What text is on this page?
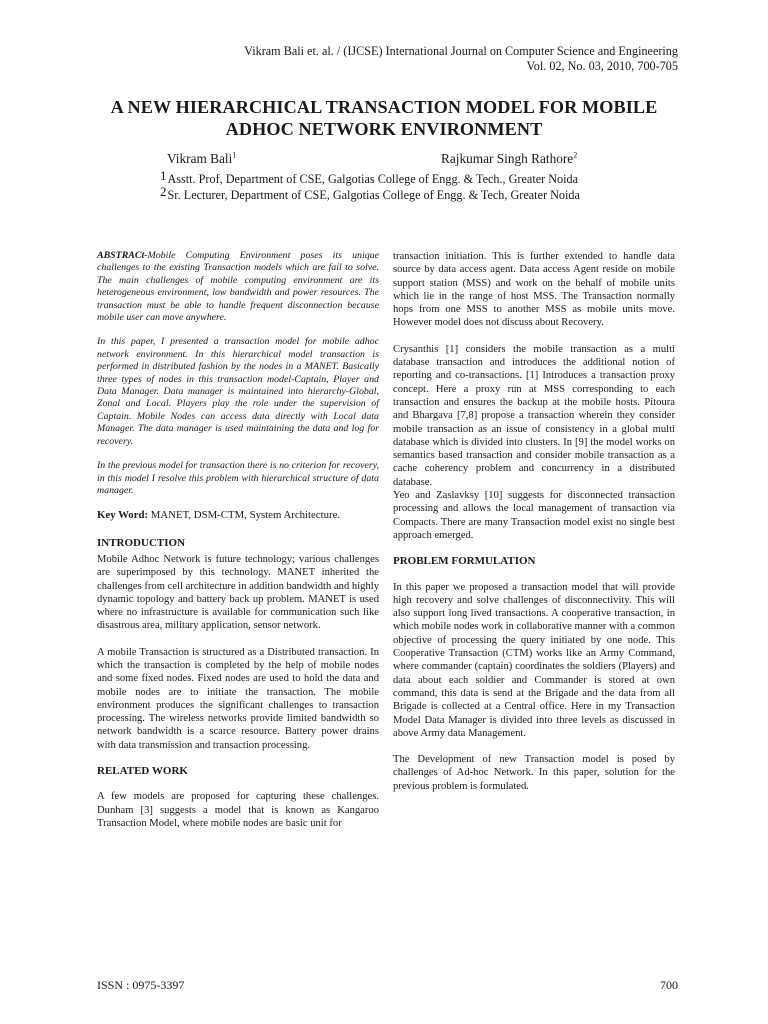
Vikram Bali et. al. / (IJCSE) International Journal on Computer Science and Engineering
Vol. 02, No. 03, 2010, 700-705
A NEW HIERARCHICAL TRANSACTION MODEL FOR MOBILE
ADHOC NETWORK ENVIRONMENT
Vikram Bali$^1$	Rajkumar Singh Rathore$^2$
1Asstt. Prof, Department of CSE, Galgotias College of Engg. & Tech., Greater Noida
2Sr. Lecturer, Department of CSE, Galgotias College of Engg. & Tech, Greater Noida

ABSTRACt-Mobile Computing Environment poses its unique challenges to the existing Transaction models which are fail to solve. The main challenges of mobile computing environment are its heterogeneous environment, low bandwidth and power resources. The transaction must be able to handle frequent disconnection because mobile user can move anywhere.

In this paper, I presented a transaction model for mobile adhoc network environment. In this hierarchical model transaction is performed in distributed fashion by the nodes in a MANET. Basically three types of nodes in this transaction model-Captain, Player and Data Manager. Data manager is maintained into hierarchy-Global, Zonal and Local. Players play the role under the supervision of Captain. Mobile Nodes can access data directly with Local data Manager. The data manager is used maintaining the data and log for recovery.

In the previous model for transaction there is no criterion for recovery, in this model I resolve this problem with hierarchical structure of data manager.

Key Word: MANET, DSM-CTM, System Architecture.

INTRODUCTION

Mobile Adhoc Network is future technology; various challenges are superimposed by this technology. MANET inherited the challenges from cell architecture in addition bandwidth and highly dynamic topology and battery back up problem. MANET is used where no infrastructure is available for communication such like disastrous area, military application, sensor network.

A mobile Transaction is structured as a Distributed transaction. In which the transaction is completed by the help of mobile nodes and some fixed nodes. Fixed nodes are used to hold the data and mobile nodes are to initiate the transaction. The mobile environment produces the significant challenges to transaction processing. The wireless networks provide limited bandwidth so network bandwidth is a scarce resource. Battery power drains with data transmission and transaction processing.

RELATED WORK

A few models are proposed for capturing these challenges. Dunham [3] suggests a model that is known as Kangaroo Transaction Model, where mobile nodes are basic unit for

transaction initiation. This is further extended to handle data source by data access agent. Data access Agent reside on mobile support station (MSS) and work on the behalf of mobile units which lie in the range of host MSS. The Transaction normally hops from one MSS to another MSS as mobile units move. However model does not discuss about Recovery.

Crysanthis [1] considers the mobile transaction as a multi database transaction and introduces the additional notion of reporting and co-transactions. [1] Introduces a transaction proxy concept. Here a proxy run at MSS corresponding to each transaction and ensures the backup at the mobile hosts. Pitoura and Bhargava [7,8] propose a transaction wherein they consider mobile transaction as an issue of consistency in a global multi database which is divided into clusters. In [9] the model works on semantics based transaction and consider mobile transaction as a cache coherency problem and concurrency in a distributed database.

Yeo and Zaslavksy [10] suggests for disconnected transaction processing and allows the local management of transaction via Compacts. There are many Transaction model exist no single best approach emerged.

PROBLEM FORMULATION

In this paper we proposed a transaction model that will provide high recovery and solve challenges of disconnectivity. This will also support long lived transactions. A cooperative transaction, in which mobile nodes work in collaborative manner with a common objective of processing the query initiated by one node. This Cooperative Transaction (CTM) works like an Army Command, where commander (captain) coordinates the soldiers (Players) and data about each soldier and Commander is stored at own command, this data is send at the Brigade and the data from all Brigade is collected at a Central office. Here in my Transaction Model Data Manager is divided into three levels as discussed in above Army data Management.

The Development of new Transaction model is posed by challenges of Ad-hoc Network. In this paper, solution for the previous problem is formulated.

ISSN : 0975-3397	700
